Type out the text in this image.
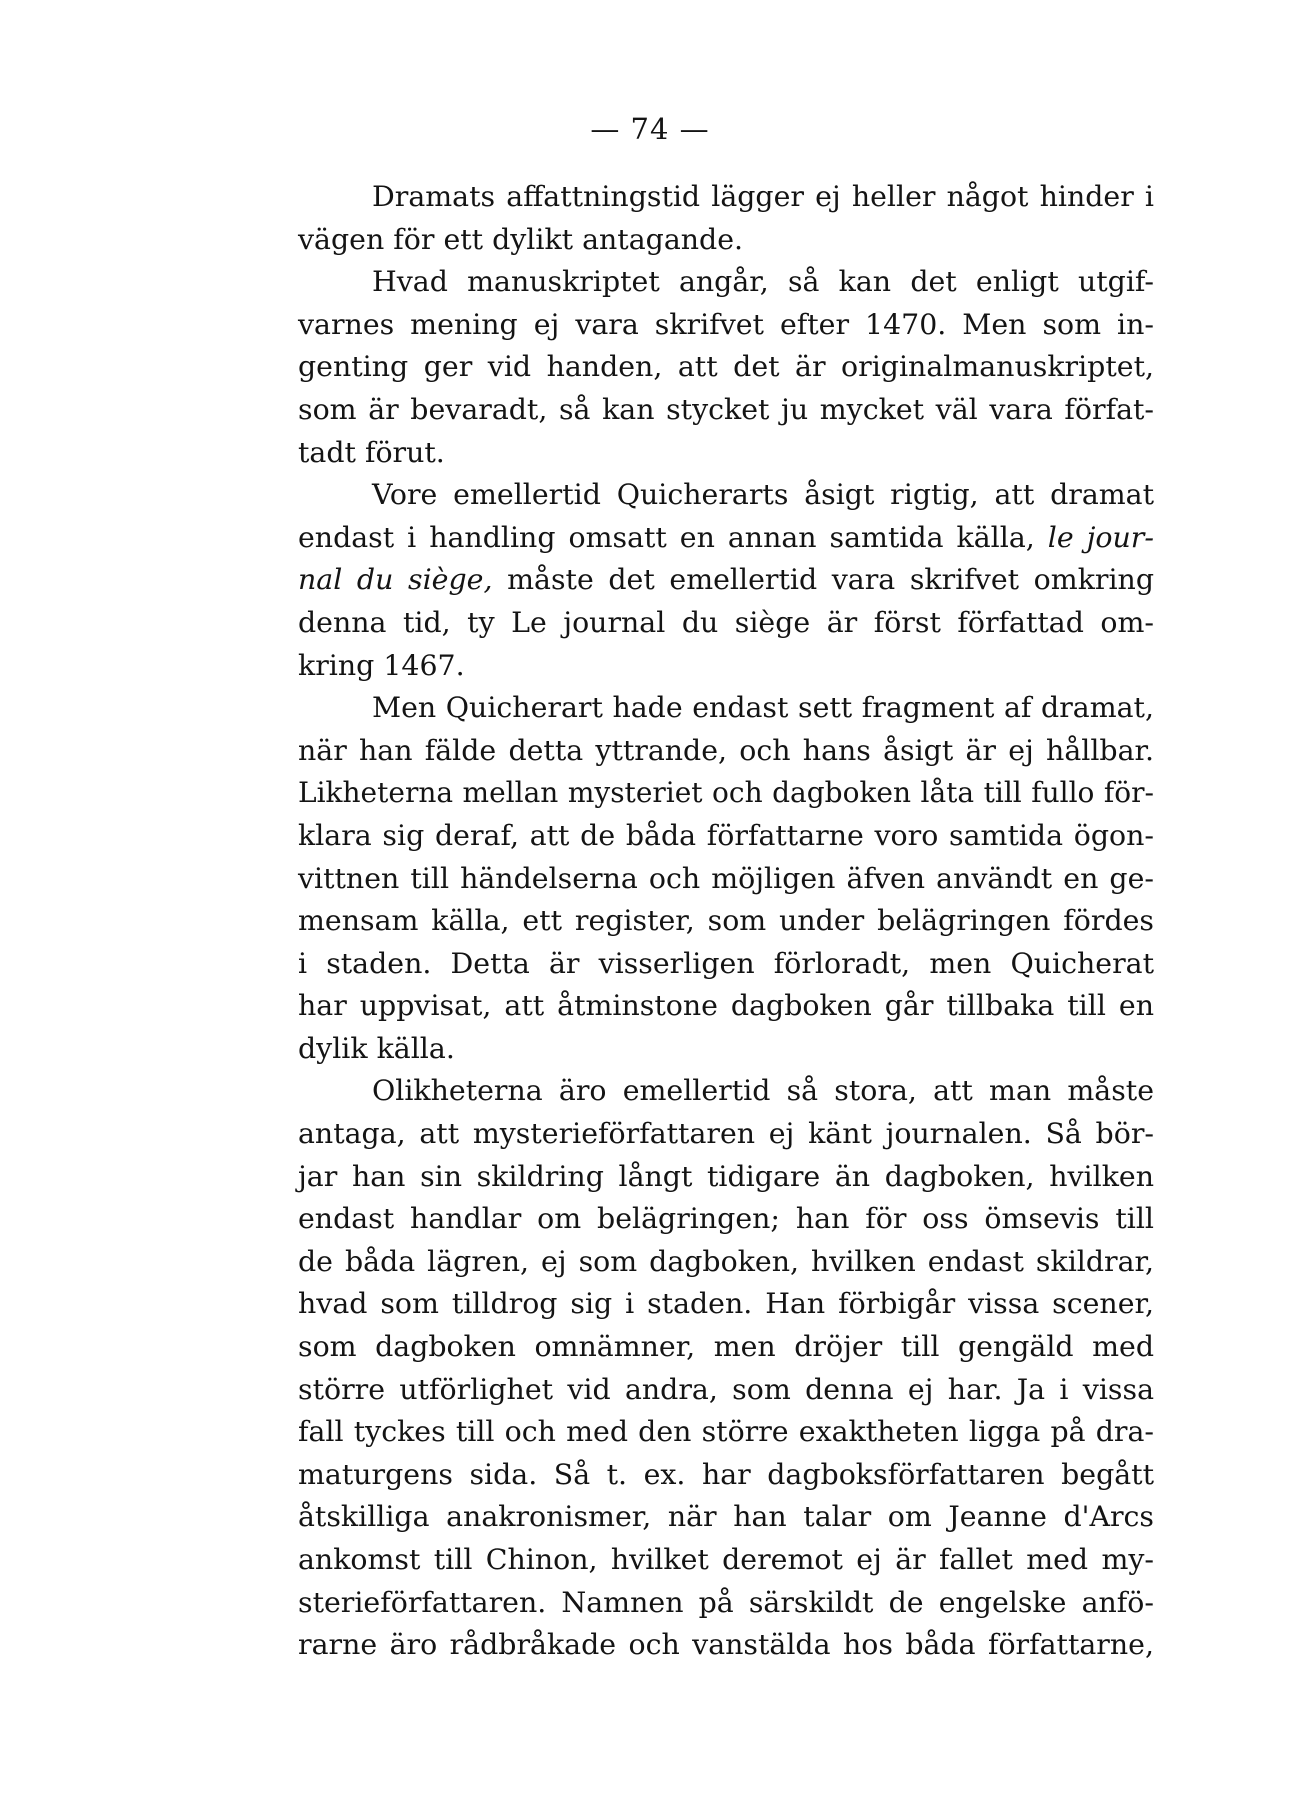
— 74 —
Dramats affattningstid lägger ej heller något hinder i
vägen för ett dylikt antagande.
Hvad manuskriptet angår, så kan det enligt utgif-
varnes mening ej vara skrifvet efter 1470. Men som in-
genting ger vid handen, att det är originalmanuskriptet,
som är bevaradt, så kan stycket ju mycket väl vara förfat-
tadt förut.
Vore emellertid Quicherarts åsigt rigtig, att dramat
endast i handling omsatt en annan samtida källa, le jour-
nal du siège, måste det emellertid vara skrifvet omkring
denna tid, ty Le journal du siège är först författad om-
kring 1467.
Men Quicherart hade endast sett fragment af dramat,
när han fälde detta yttrande, och hans åsigt är ej hållbar.
Likheterna mellan mysteriet och dagboken låta till fullo för-
klara sig deraf, att de båda författarne voro samtida ögon-
vittnen till händelserna och möjligen äfven användt en ge-
mensam källa, ett register, som under belägringen fördes
i staden. Detta är visserligen förloradt, men Quicherat
har uppvisat, att åtminstone dagboken går tillbaka till en
dylik källa.
Olikheterna äro emellertid så stora, att man måste
antaga, att mysterieförfattaren ej känt journalen. Så bör-
jar han sin skildring långt tidigare än dagboken, hvilken
endast handlar om belägringen; han för oss ömsevis till
de båda lägren, ej som dagboken, hvilken endast skildrar,
hvad som tilldrog sig i staden. Han förbigår vissa scener,
som dagboken omnämner, men dröjer till gengäld med
större utförlighet vid andra, som denna ej har. Ja i vissa
fall tyckes till och med den större exaktheten ligga på dra-
maturgens sida. Så t. ex. har dagboksförfattaren begått
åtskilliga anakronismer, när han talar om Jeanne d'Arcs
ankomst till Chinon, hvilket deremot ej är fallet med my-
sterieförfattaren. Namnen på särskildt de engelske anfö-
rarne äro rådbråkade och vanstälda hos båda författarne,
